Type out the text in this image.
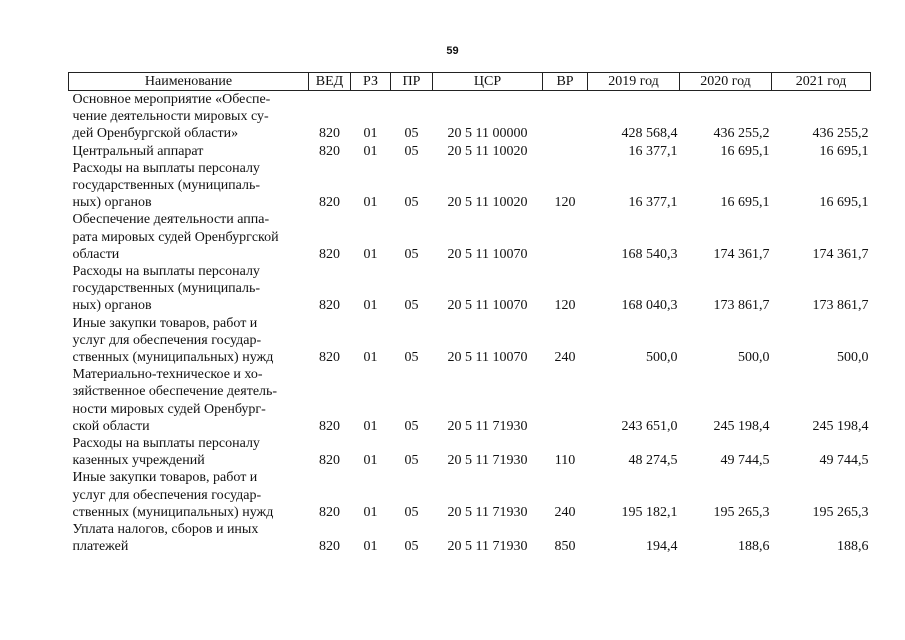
59
Наименование	ВЕД	РЗ	ПР	ЦСР	ВР	2019 год	2020 год	2021 год
Основное мероприятие «Обеспе-
чение деятельности мировых су-
дей Оренбургской области»	820	01	05	20 5 11 00000		428 568,4	436 255,2	436 255,2
Центральный аппарат	820	01	05	20 5 11 10020		16 377,1	16 695,1	16 695,1
Расходы на выплаты персоналу
государственных (муниципаль-
ных) органов	820	01	05	20 5 11 10020	120	16 377,1	16 695,1	16 695,1
Обеспечение деятельности аппа-
рата мировых судей Оренбургской
области	820	01	05	20 5 11 10070		168 540,3	174 361,7	174 361,7
Расходы на выплаты персоналу
государственных (муниципаль-
ных) органов	820	01	05	20 5 11 10070	120	168 040,3	173 861,7	173 861,7
Иные закупки товаров, работ и
услуг для обеспечения государ-
ственных (муниципальных) нужд	820	01	05	20 5 11 10070	240	500,0	500,0	500,0
Материально-техническое и хо-
зяйственное обеспечение деятель-
ности мировых судей Оренбург-
ской области	820	01	05	20 5 11 71930		243 651,0	245 198,4	245 198,4
Расходы на выплаты персоналу
казенных учреждений	820	01	05	20 5 11 71930	110	48 274,5	49 744,5	49 744,5
Иные закупки товаров, работ и
услуг для обеспечения государ-
ственных (муниципальных) нужд	820	01	05	20 5 11 71930	240	195 182,1	195 265,3	195 265,3
Уплата налогов, сборов и иных
платежей	820	01	05	20 5 11 71930	850	194,4	188,6	188,6
